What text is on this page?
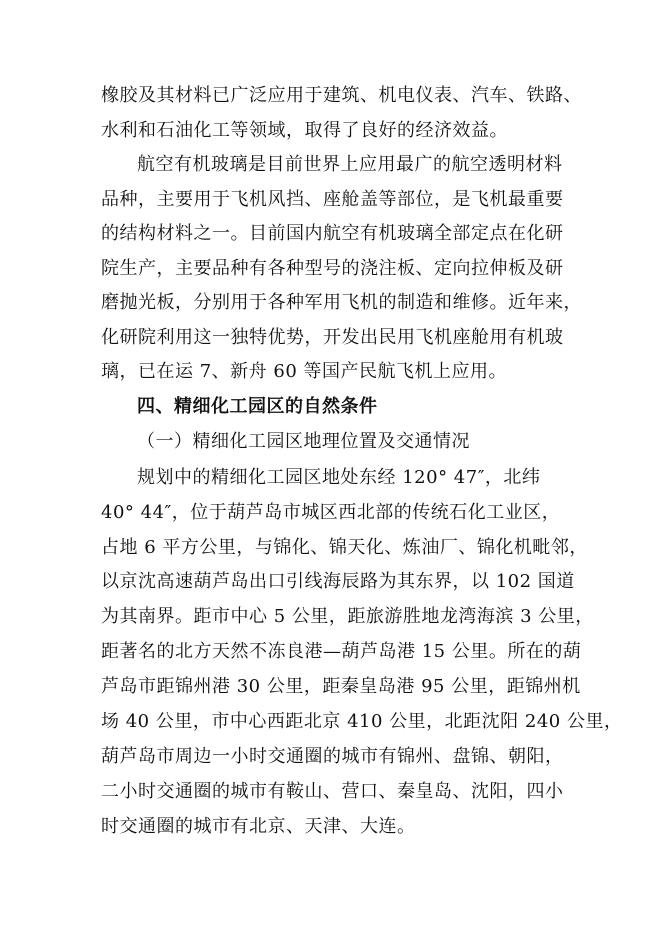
橡胶及其材料已广泛应用于建筑、机电仪表、汽车、铁路、
水利和石油化工等领域，取得了良好的经济效益。
航空有机玻璃是目前世界上应用最广的航空透明材料
品种，主要用于飞机风挡、座舱盖等部位，是飞机最重要
的结构材料之一。目前国内航空有机玻璃全部定点在化研
院生产，主要品种有各种型号的浇注板、定向拉伸板及研
磨抛光板，分别用于各种军用飞机的制造和维修。近年来，
化研院利用这一独特优势，开发出民用飞机座舱用有机玻
璃，已在运 7、新舟 60 等国产民航飞机上应用。
四、精细化工园区的自然条件
（一）精细化工园区地理位置及交通情况
规划中的精细化工园区地处东经 120° 47″，北纬
40° 44″，位于葫芦岛市城区西北部的传统石化工业区，
占地 6 平方公里，与锦化、锦天化、炼油厂、锦化机毗邻，
以京沈高速葫芦岛出口引线海辰路为其东界，以 102 国道
为其南界。距市中心 5 公里，距旅游胜地龙湾海滨 3 公里，
距著名的北方天然不冻良港—葫芦岛港 15 公里。所在的葫
芦岛市距锦州港 30 公里，距秦皇岛港 95 公里，距锦州机
场 40 公里，市中心西距北京 410 公里，北距沈阳 240 公里，
葫芦岛市周边一小时交通圈的城市有锦州、盘锦、朝阳，
二小时交通圈的城市有鞍山、营口、秦皇岛、沈阳，四小
时交通圈的城市有北京、天津、大连。
